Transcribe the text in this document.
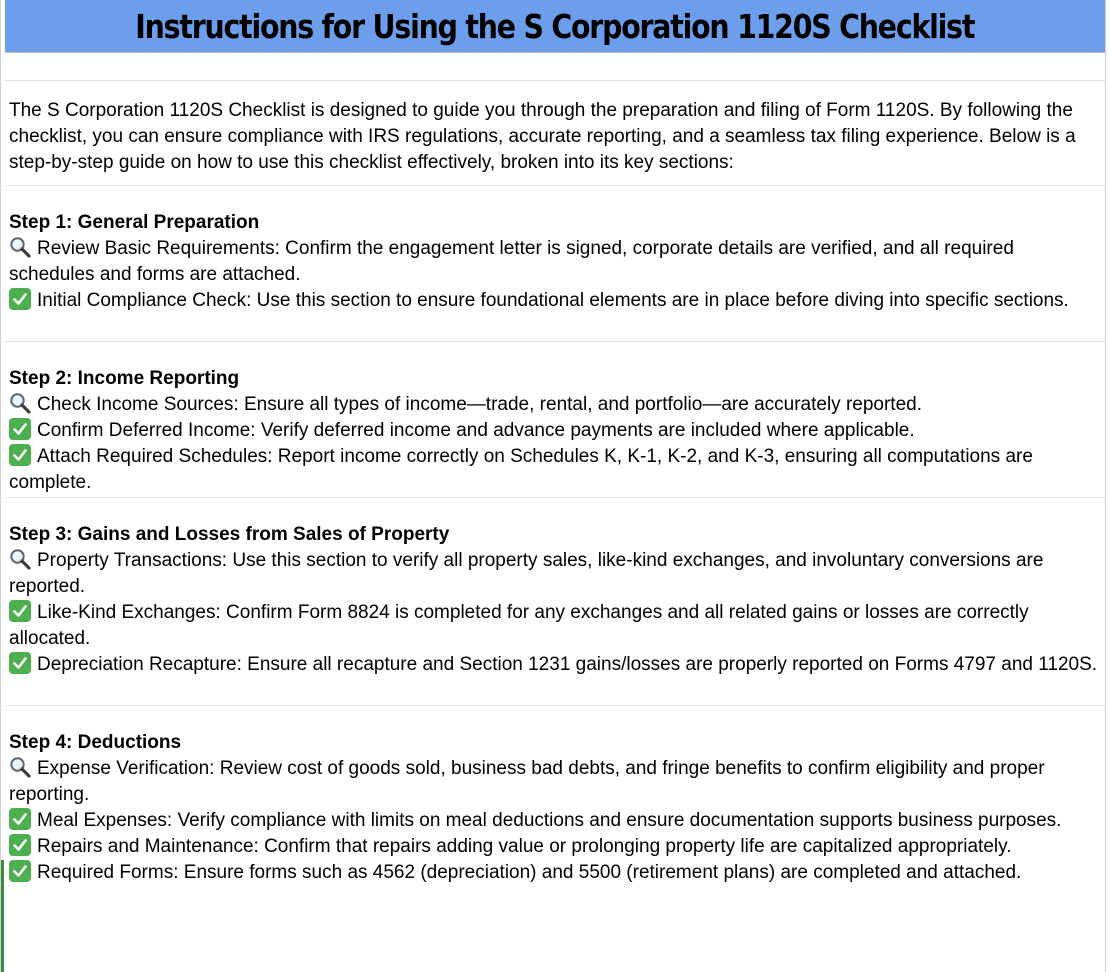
Instructions for Using the S Corporation 1120S Checklist
The S Corporation 1120S Checklist is designed to guide you through the preparation and filing of Form 1120S. By following the checklist, you can ensure compliance with IRS regulations, accurate reporting, and a seamless tax filing experience. Below is a step-by-step guide on how to use this checklist effectively, broken into its key sections:
Step 1: General Preparation
Review Basic Requirements: Confirm the engagement letter is signed, corporate details are verified, and all required schedules and forms are attached.
Initial Compliance Check: Use this section to ensure foundational elements are in place before diving into specific sections.
Step 2: Income Reporting
Check Income Sources: Ensure all types of income—trade, rental, and portfolio—are accurately reported.
Confirm Deferred Income: Verify deferred income and advance payments are included where applicable.
Attach Required Schedules: Report income correctly on Schedules K, K-1, K-2, and K-3, ensuring all computations are complete.
Step 3: Gains and Losses from Sales of Property
Property Transactions: Use this section to verify all property sales, like-kind exchanges, and involuntary conversions are reported.
Like-Kind Exchanges: Confirm Form 8824 is completed for any exchanges and all related gains or losses are correctly allocated.
Depreciation Recapture: Ensure all recapture and Section 1231 gains/losses are properly reported on Forms 4797 and 1120S.
Step 4: Deductions
Expense Verification: Review cost of goods sold, business bad debts, and fringe benefits to confirm eligibility and proper reporting.
Meal Expenses: Verify compliance with limits on meal deductions and ensure documentation supports business purposes.
Repairs and Maintenance: Confirm that repairs adding value or prolonging property life are capitalized appropriately.
Required Forms: Ensure forms such as 4562 (depreciation) and 5500 (retirement plans) are completed and attached.
